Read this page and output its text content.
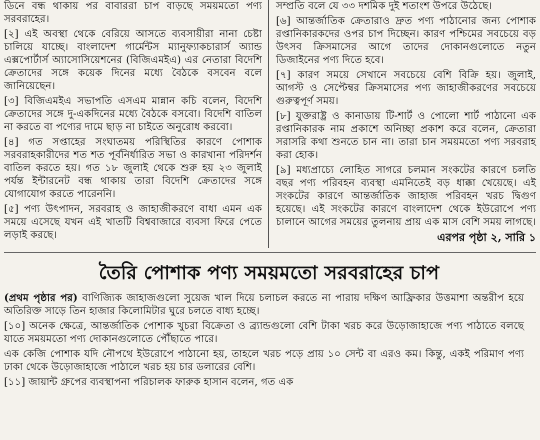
ডিনে বন্ধ থাকায় পর বাবাররা চাপ বাড়ছে সময়মতো পণ্য সরবরাহের।

[২] এই অবস্থা থেকে বেরিয়ে আসতে ব্যবসায়ীরা নানা চেষ্টা চালিয়ে যাচ্ছে। বাংলাদেশ গার্মেন্টস ম্যানুফ্যাকচারার্স অ্যান্ড এক্সপোর্টার্স অ্যাসোসিয়েশনের (বিজিএমইএ) এর নেতারা বিদেশি ক্রেতাদের সঙ্গে কয়েক দিনের মধ্যে বৈঠকে বসবেন বলে জানিয়েছেন।

[৩] বিজিএমইএ সভাপতি এসএম মান্নান কচি বলেন, বিদেশি ক্রেতাদের সঙ্গে দু-একদিনের মধ্যে বৈঠকে বসবো। বিদেশি বাতিল না করতে বা পণ্যের দামে ছাড় না চাইতে অনুরোধ করবো।

[৪] গত সপ্তাহের সংঘাতময় পরিস্থিতির কারণে পোশাক সরবরাহকারীদের শত শত পূর্বনির্ধারিত সভা ও কারখানা পরিদর্শন বাতিল করতে হয়। গত ১৮ জুলাই থেকে শুরু হয় ২৩ জুলাই পর্যন্ত ইন্টারনেট বন্ধ থাকায় তারা বিদেশি ক্রেতাদের সঙ্গে যোগাযোগ করতে পারেননি।

[৫] পণ্য উৎপাদন, সরবরাহ ও জাহাজীকরণে বাধা এমন এক সময়ে এসেছে যখন এই খাতটি বিশ্ববাজারে ব্যবসা ফিরে পেতে লড়াই করছে।

সম্প্রতি বলে যে ৩৩ দশমিক দুই শতাংশ উপরে উঠেছে।

[৬] আন্তর্জাতিক ক্রেতারাও দ্রুত পণ্য পাঠানোর জন্য পোশাক রপ্তানিকারকদের ওপর চাপ দিচ্ছেন। কারণ পশ্চিমের সবচেয়ে বড় উৎসব ক্রিসমাসের আগে তাদের দোকানগুলোতে নতুন ডিজাইনের পণ্য দিতে হবে।

[৭] কারণ সময়ে সেখানে সবচেয়ে বেশি বিক্রি হয়। জুলাই, আগস্ট ও সেপ্টেম্বর ক্রিসমাসের পণ্য জাহাজীকরণের সবচেয়ে গুরুত্বপূর্ণ সময়।

[৮] যুক্তরাষ্ট্র ও কানাডায় টি-শার্ট ও পোলো শার্ট পাঠানো এক রপ্তানিকারক নাম প্রকাশে অনিচ্ছা প্রকাশ করে বলেন, ক্রেতারা সরাসরি কথা শুনতে চান না। তারা চান সময়মতো পণ্য সরবরাহ করা হোক।

[৯] মধ্যপ্রাচ্যে লোহিত সাগরে চলমান সংকটের কারণে চলতি বছর পণ্য পরিবহন ব্যবস্থা এমনিতেই বড় ধাক্কা খেয়েছে। এই সংকটের কারণে আন্তর্জাতিক জাহাজ পরিবহন খরচ দ্বিগুণ হয়েছে। এই সংকটের কারণে বাংলাদেশ থেকে ইউরোপে পণ্য চালানে আগের সময়ের তুলনায় প্রায় এক মাস বেশি সময় লাগছে।

এরপর পৃষ্ঠা ২, সারি ১
তৈরি পোশাক পণ্য সময়মতো সরবরাহের চাপ

(প্রথম পৃষ্ঠার পর) বাণিজ্যিক জাহাজগুলো সুয়েজ খাল দিয়ে চলাচল করতে না পারায় দক্ষিণ আফ্রিকার উত্তমাশা অন্তরীপ হয়ে অতিরিক্ত সাড়ে তিন হাজার কিলোমিটার ঘুরে চলতে বাধ্য হচ্ছে।

[১০] অনেক ক্ষেত্রে, আন্তর্জাতিক পোশাক খুচরা বিক্রেতা ও ব্র্যান্ডগুলো বেশি টাকা খরচ করে উড়োজাহাজে পণ্য পাঠাতে বলছে যাতে সময়মতো পণ্য দোকানগুলোতে পৌঁছাতে পারে।

এক কেজি পোশাক যদি নৌপথে ইউরোপে পাঠানো হয়, তাহলে খরচ পড়ে প্রায় ১০ সেন্ট বা এরও কম। কিন্তু, একই পরিমাণ পণ্য ঢাকা থেকে উড়োজাহাজে পাঠালে খরচ হয় চার ডলারের বেশি।

[১১] জায়ান্ট গ্রুপের ব্যবস্থাপনা পরিচালক ফারুক হাসান বলেন, গত এক
